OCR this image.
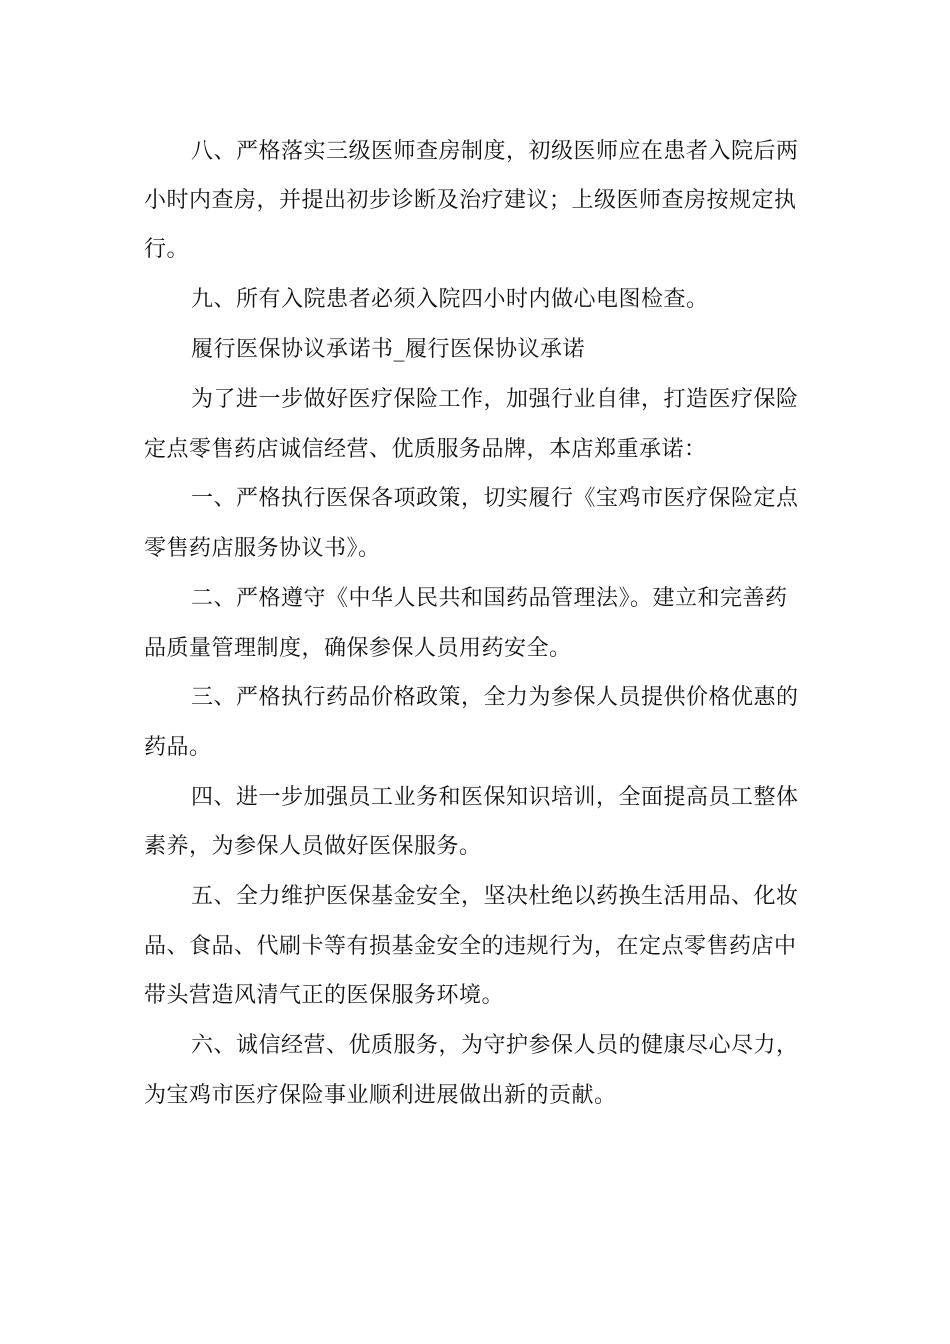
八、严格落实三级医师查房制度，初级医师应在患者入院后两
小时内查房，并提出初步诊断及治疗建议；上级医师查房按规定执
行。
九、所有入院患者必须入院四小时内做心电图检查。
履行医保协议承诺书_履行医保协议承诺
为了进一步做好医疗保险工作，加强行业自律，打造医疗保险
定点零售药店诚信经营、优质服务品牌，本店郑重承诺：
一、严格执行医保各项政策，切实履行《宝鸡市医疗保险定点
零售药店服务协议书》。
二、严格遵守《中华人民共和国药品管理法》。建立和完善药
品质量管理制度，确保参保人员用药安全。
三、严格执行药品价格政策，全力为参保人员提供价格优惠的
药品。
四、进一步加强员工业务和医保知识培训，全面提高员工整体
素养，为参保人员做好医保服务。
五、全力维护医保基金安全，坚决杜绝以药换生活用品、化妆
品、食品、代刷卡等有损基金安全的违规行为，在定点零售药店中
带头营造风清气正的医保服务环境。
六、诚信经营、优质服务，为守护参保人员的健康尽心尽力，
为宝鸡市医疗保险事业顺利进展做出新的贡献。
